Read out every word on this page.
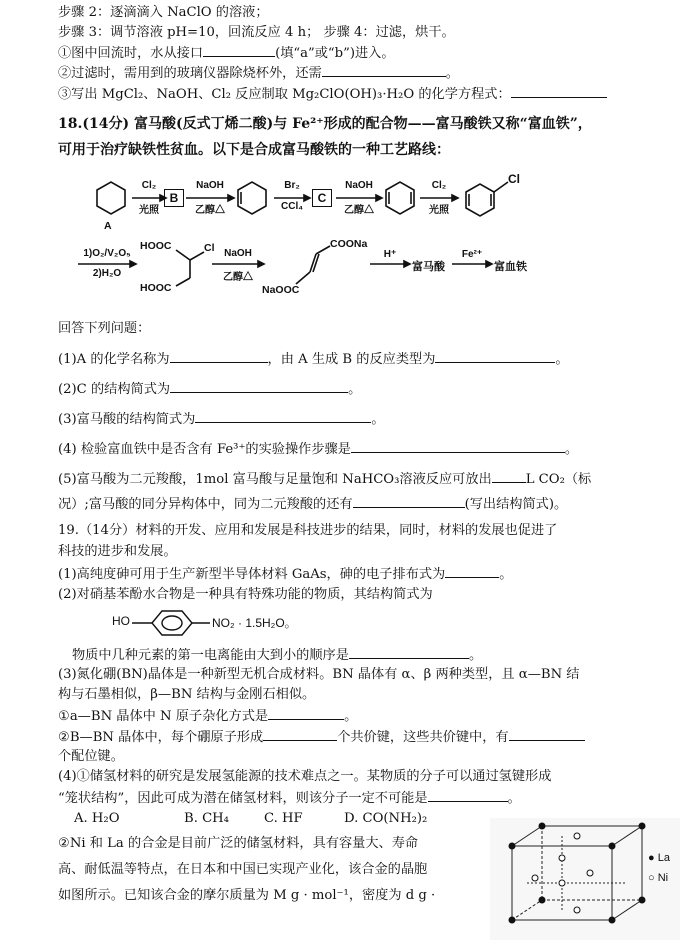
步骤 2：逐滴滴入 NaClO 的溶液；
步骤 3：调节溶液 pH=10，回流反应 4 h； 步骤 4：过滤，烘干。
①图中回流时，水从接口	(填“a”或“b”)进入。
②过滤时，需用到的玻璃仪器除烧杯外，还需	。
③写出 MgCl₂、NaOH、Cl₂ 反应制取 Mg₂ClO(OH)₃·H₂O 的化学方程式：
18.(14分) 富马酸(反式丁烯二酸)与 Fe²⁺形成的配合物——富马酸铁又称“富血铁”，
可用于治疗缺铁性贫血。以下是合成富马酸铁的一种工艺路线：
Cl₂
光照
B
NaOH
乙醇△
Br₂
CCl₄
C
NaOH
乙醇△
Cl₂
光照
A
Cl
1)O₂/V₂O₅
2)H₂O
HOOC
HOOC
Cl NaOH
乙醇△
COONa
NaOOC
H⁺
富马酸
Fe²⁺
富血铁
回答下列问题：
(1)A 的化学名称为	，由 A 生成 B 的反应类型为	。
(2)C 的结构简式为	。
(3)富马酸的结构简式为	。
(4) 检验富血铁中是否含有 Fe³⁺的实验操作步骤是	。
(5)富马酸为二元羧酸，1mol 富马酸与足量饱和 NaHCO₃溶液反应可放出	L CO₂（标
况）;富马酸的同分异构体中，同为二元羧酸的还有	(写出结构简式)。
19.（14分）材料的开发、应用和发展是科技进步的结果，同时，材料的发展也促进了
科技的进步和发展。
(1)高纯度砷可用于生产新型半导体材料 GaAs，砷的电子排布式为	。
(2)对硝基苯酚水合物是一种具有特殊功能的物质，其结构简式为
HO	NO₂ · 1.5H₂O。
物质中几种元素的第一电离能由大到小的顺序是	。
(3)氮化硼(BN)晶体是一种新型无机合成材料。BN 晶体有 α、β 两种类型，且 α—BN 结
构与石墨相似，β—BN 结构与金刚石相似。
①a—BN 晶体中 N 原子杂化方式是	。
②B—BN 晶体中，每个硼原子形成	个共价键，这些共价键中，有
个配位键。
(4)①储氢材料的研究是发展氢能源的技术难点之一。某物质的分子可以通过氢键形成
“笼状结构”，因此可成为潜在储氢材料，则该分子一定不可能是	。
A. H₂O	B. CH₄	C. HF	D. CO(NH₂)₂
②Ni 和 La 的合金是目前广泛的储氢材料，具有容量大、寿命
高、耐低温等特点，在日本和中国已实现产业化，该合金的晶胞
如图所示。已知该合金的摩尔质量为 M g · mol⁻¹，密度为 d g ·
● La
○ Ni
